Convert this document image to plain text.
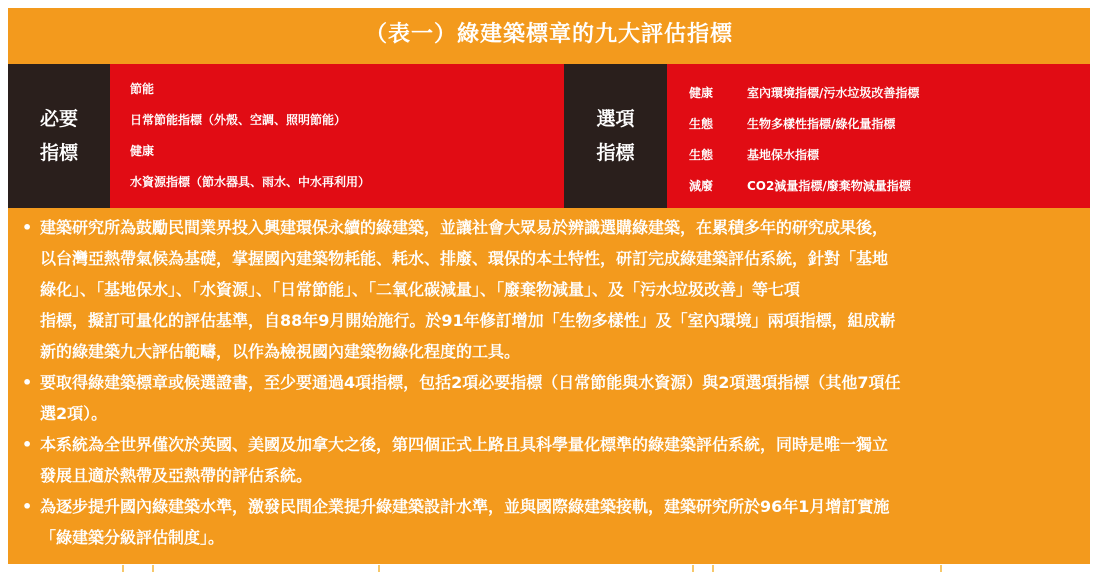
（表一）綠建築標章的九大評估指標
必要
指標
節能
日常節能指標（外殼、空調、照明節能）
健康
水資源指標（節水器具、雨水、中水再利用）
選項
指標
健康	室內環境指標/污水垃圾改善指標
生態	生物多樣性指標/綠化量指標
生態	基地保水指標
減廢	CO2減量指標/廢棄物減量指標
• 建築研究所為鼓勵民間業界投入興建環保永續的綠建築，並讓社會大眾易於辨識選購綠建築，在累積多年的研究成果後，
以台灣亞熱帶氣候為基礎，掌握國內建築物耗能、耗水、排廢、環保的本土特性，研訂完成綠建築評估系統，針對「基地
綠化」、「基地保水」、「水資源」、「日常節能」、「二氧化碳減量」、「廢棄物減量」、及「污水垃圾改善」等七項
指標，擬訂可量化的評估基準，自88年9月開始施行。於91年修訂增加「生物多樣性」及「室內環境」兩項指標，組成嶄
新的綠建築九大評估範疇，以作為檢視國內建築物綠化程度的工具。
• 要取得綠建築標章或候選證書，至少要通過4項指標，包括2項必要指標（日常節能與水資源）與2項選項指標（其他7項任
選2項）。
• 本系統為全世界僅次於英國、美國及加拿大之後，第四個正式上路且具科學量化標準的綠建築評估系統，同時是唯一獨立
發展且適於熱帶及亞熱帶的評估系統。
• 為逐步提升國內綠建築水準，激發民間企業提升綠建築設計水準，並與國際綠建築接軌，建築研究所於96年1月增訂實施
「綠建築分級評估制度」。
